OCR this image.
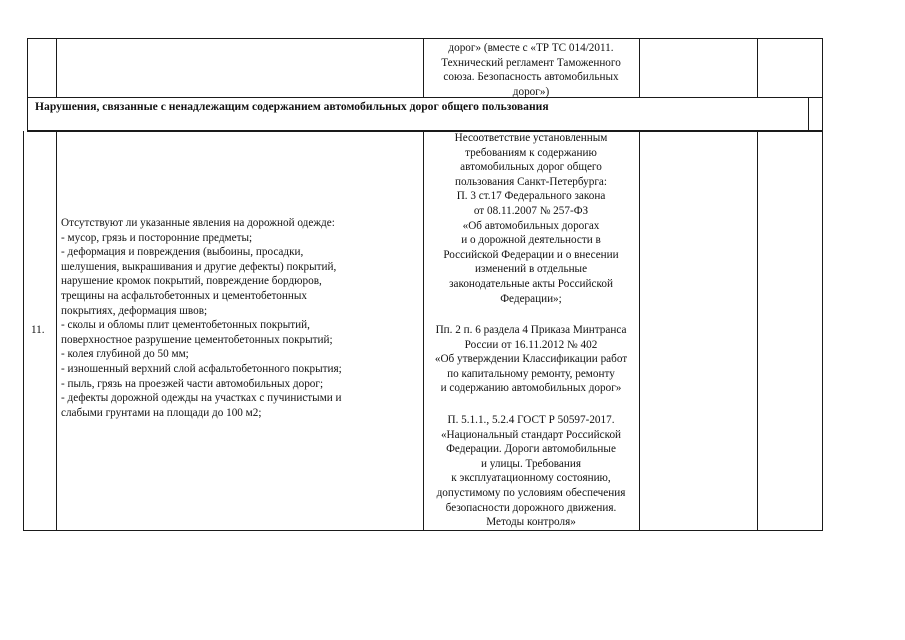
дорог» (вместе с «ТР ТС 014/2011.
Технический регламент Таможенного
союза. Безопасность автомобильных
дорог»)
Нарушения, связанные с ненадлежащим содержанием автомобильных дорог общего пользования
11.
Отсутствуют ли указанные явления на дорожной одежде:
- мусор, грязь и посторонние предметы;
- деформация и повреждения (выбоины, просадки,
шелушения, выкрашивания и другие дефекты) покрытий,
нарушение кромок покрытий, повреждение бордюров,
трещины на асфальтобетонных и цементобетонных
покрытиях, деформация швов;
- сколы и обломы плит цементобетонных покрытий,
поверхностное разрушение цементобетонных покрытий;
- колея глубиной до 50 мм;
- изношенный верхний слой асфальтобетонного покрытия;
- пыль, грязь на проезжей части автомобильных дорог;
- дефекты дорожной одежды на участках с пучинистыми и
слабыми грунтами на площади до 100 м2;
Несоответствие установленным
требованиям к содержанию
автомобильных дорог общего
пользования Санкт-Петербурга:
П. 3 ст.17 Федерального закона
от 08.11.2007 № 257-ФЗ
«Об автомобильных дорогах
и о дорожной деятельности в
Российской Федерации и о внесении
изменений в отдельные
законодательные акты Российской
Федерации»;
Пп. 2 п. 6 раздела 4 Приказа Минтранса
России от 16.11.2012 № 402
«Об утверждении Классификации работ
по капитальному ремонту, ремонту
и содержанию автомобильных дорог»
П. 5.1.1., 5.2.4 ГОСТ Р 50597-2017.
«Национальный стандарт Российской
Федерации. Дороги автомобильные
и улицы. Требования
к эксплуатационному состоянию,
допустимому по условиям обеспечения
безопасности дорожного движения.
Методы контроля»
